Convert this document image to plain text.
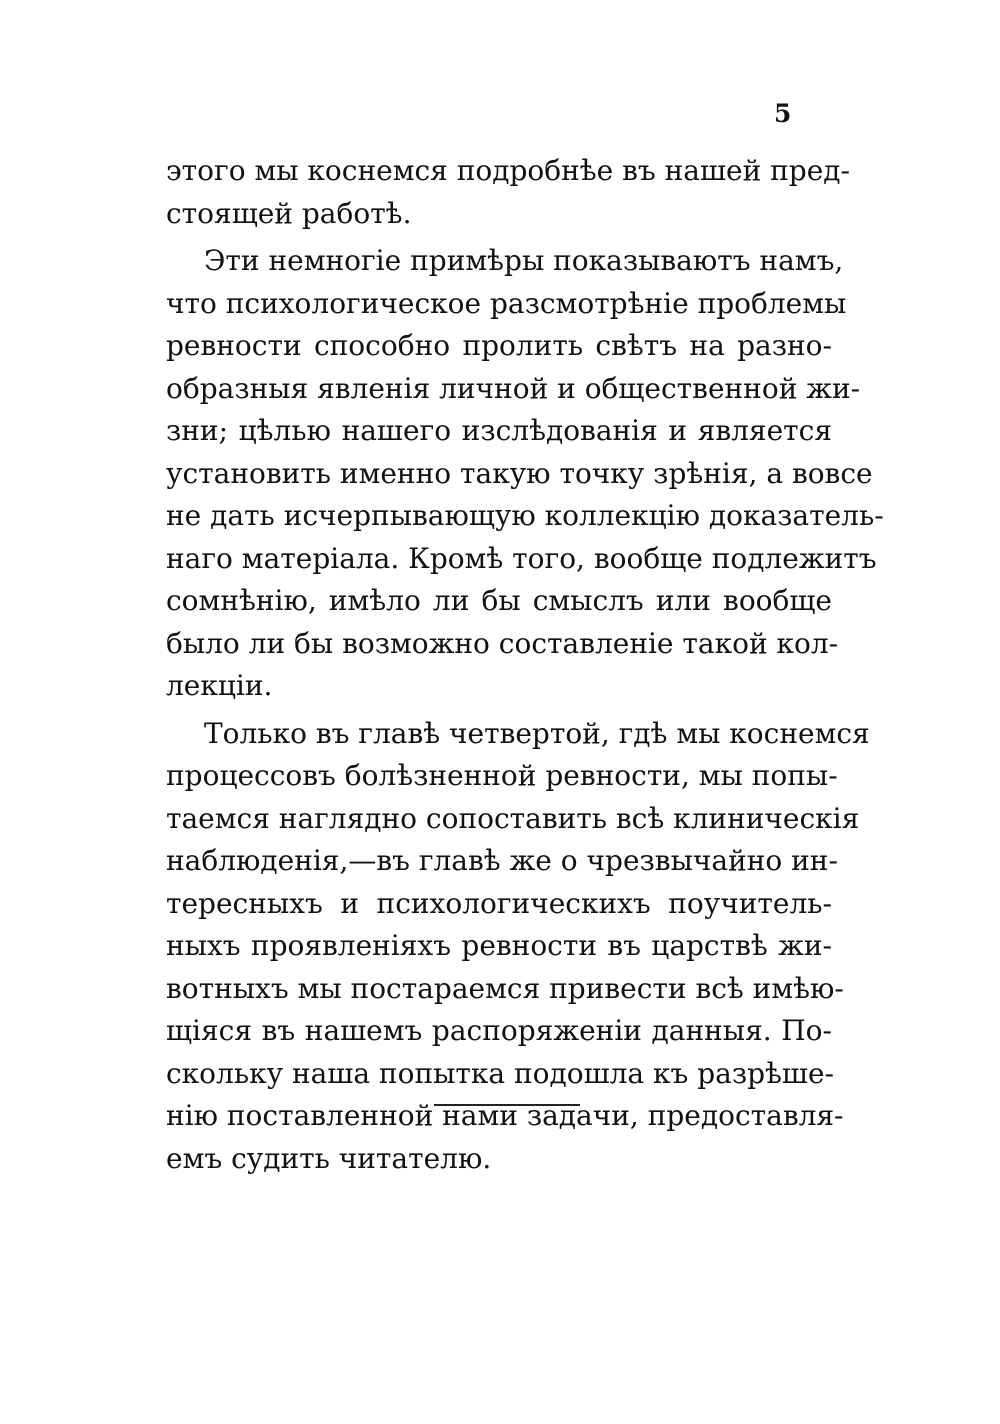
5
этого мы коснемся подробнѣе въ нашей пред-
стоящей работѣ.
Эти немногіе примѣры показываютъ намъ,
что психологическое разсмотрѣніе проблемы
ревности способно пролить свѣтъ на разно-
образныя явленія личной и общественной жи-
зни; цѣлью нашего изслѣдованія и является
установить именно такую точку зрѣнія, а вовсе
не дать исчерпывающую коллекцію доказатель-
наго матеріала. Кромѣ того, вообще подлежитъ
сомнѣнію, имѣло ли бы смыслъ или вообще
было ли бы возможно составленіе такой кол-
лекціи.
Только въ главѣ четвертой, гдѣ мы коснемся
процессовъ болѣзненной ревности, мы попы-
таемся наглядно сопоставить всѣ клиническія
наблюденія,—въ главѣ же о чрезвычайно ин-
тересныхъ и психологическихъ поучитель-
ныхъ проявленіяхъ ревности въ царствѣ жи-
вотныхъ мы постараемся привести всѣ имѣю-
щіяся въ нашемъ распоряженіи данныя. По-
скольку наша попытка подошла къ разрѣше-
нію поставленной нами задачи, предоставля-
емъ судить читателю.
